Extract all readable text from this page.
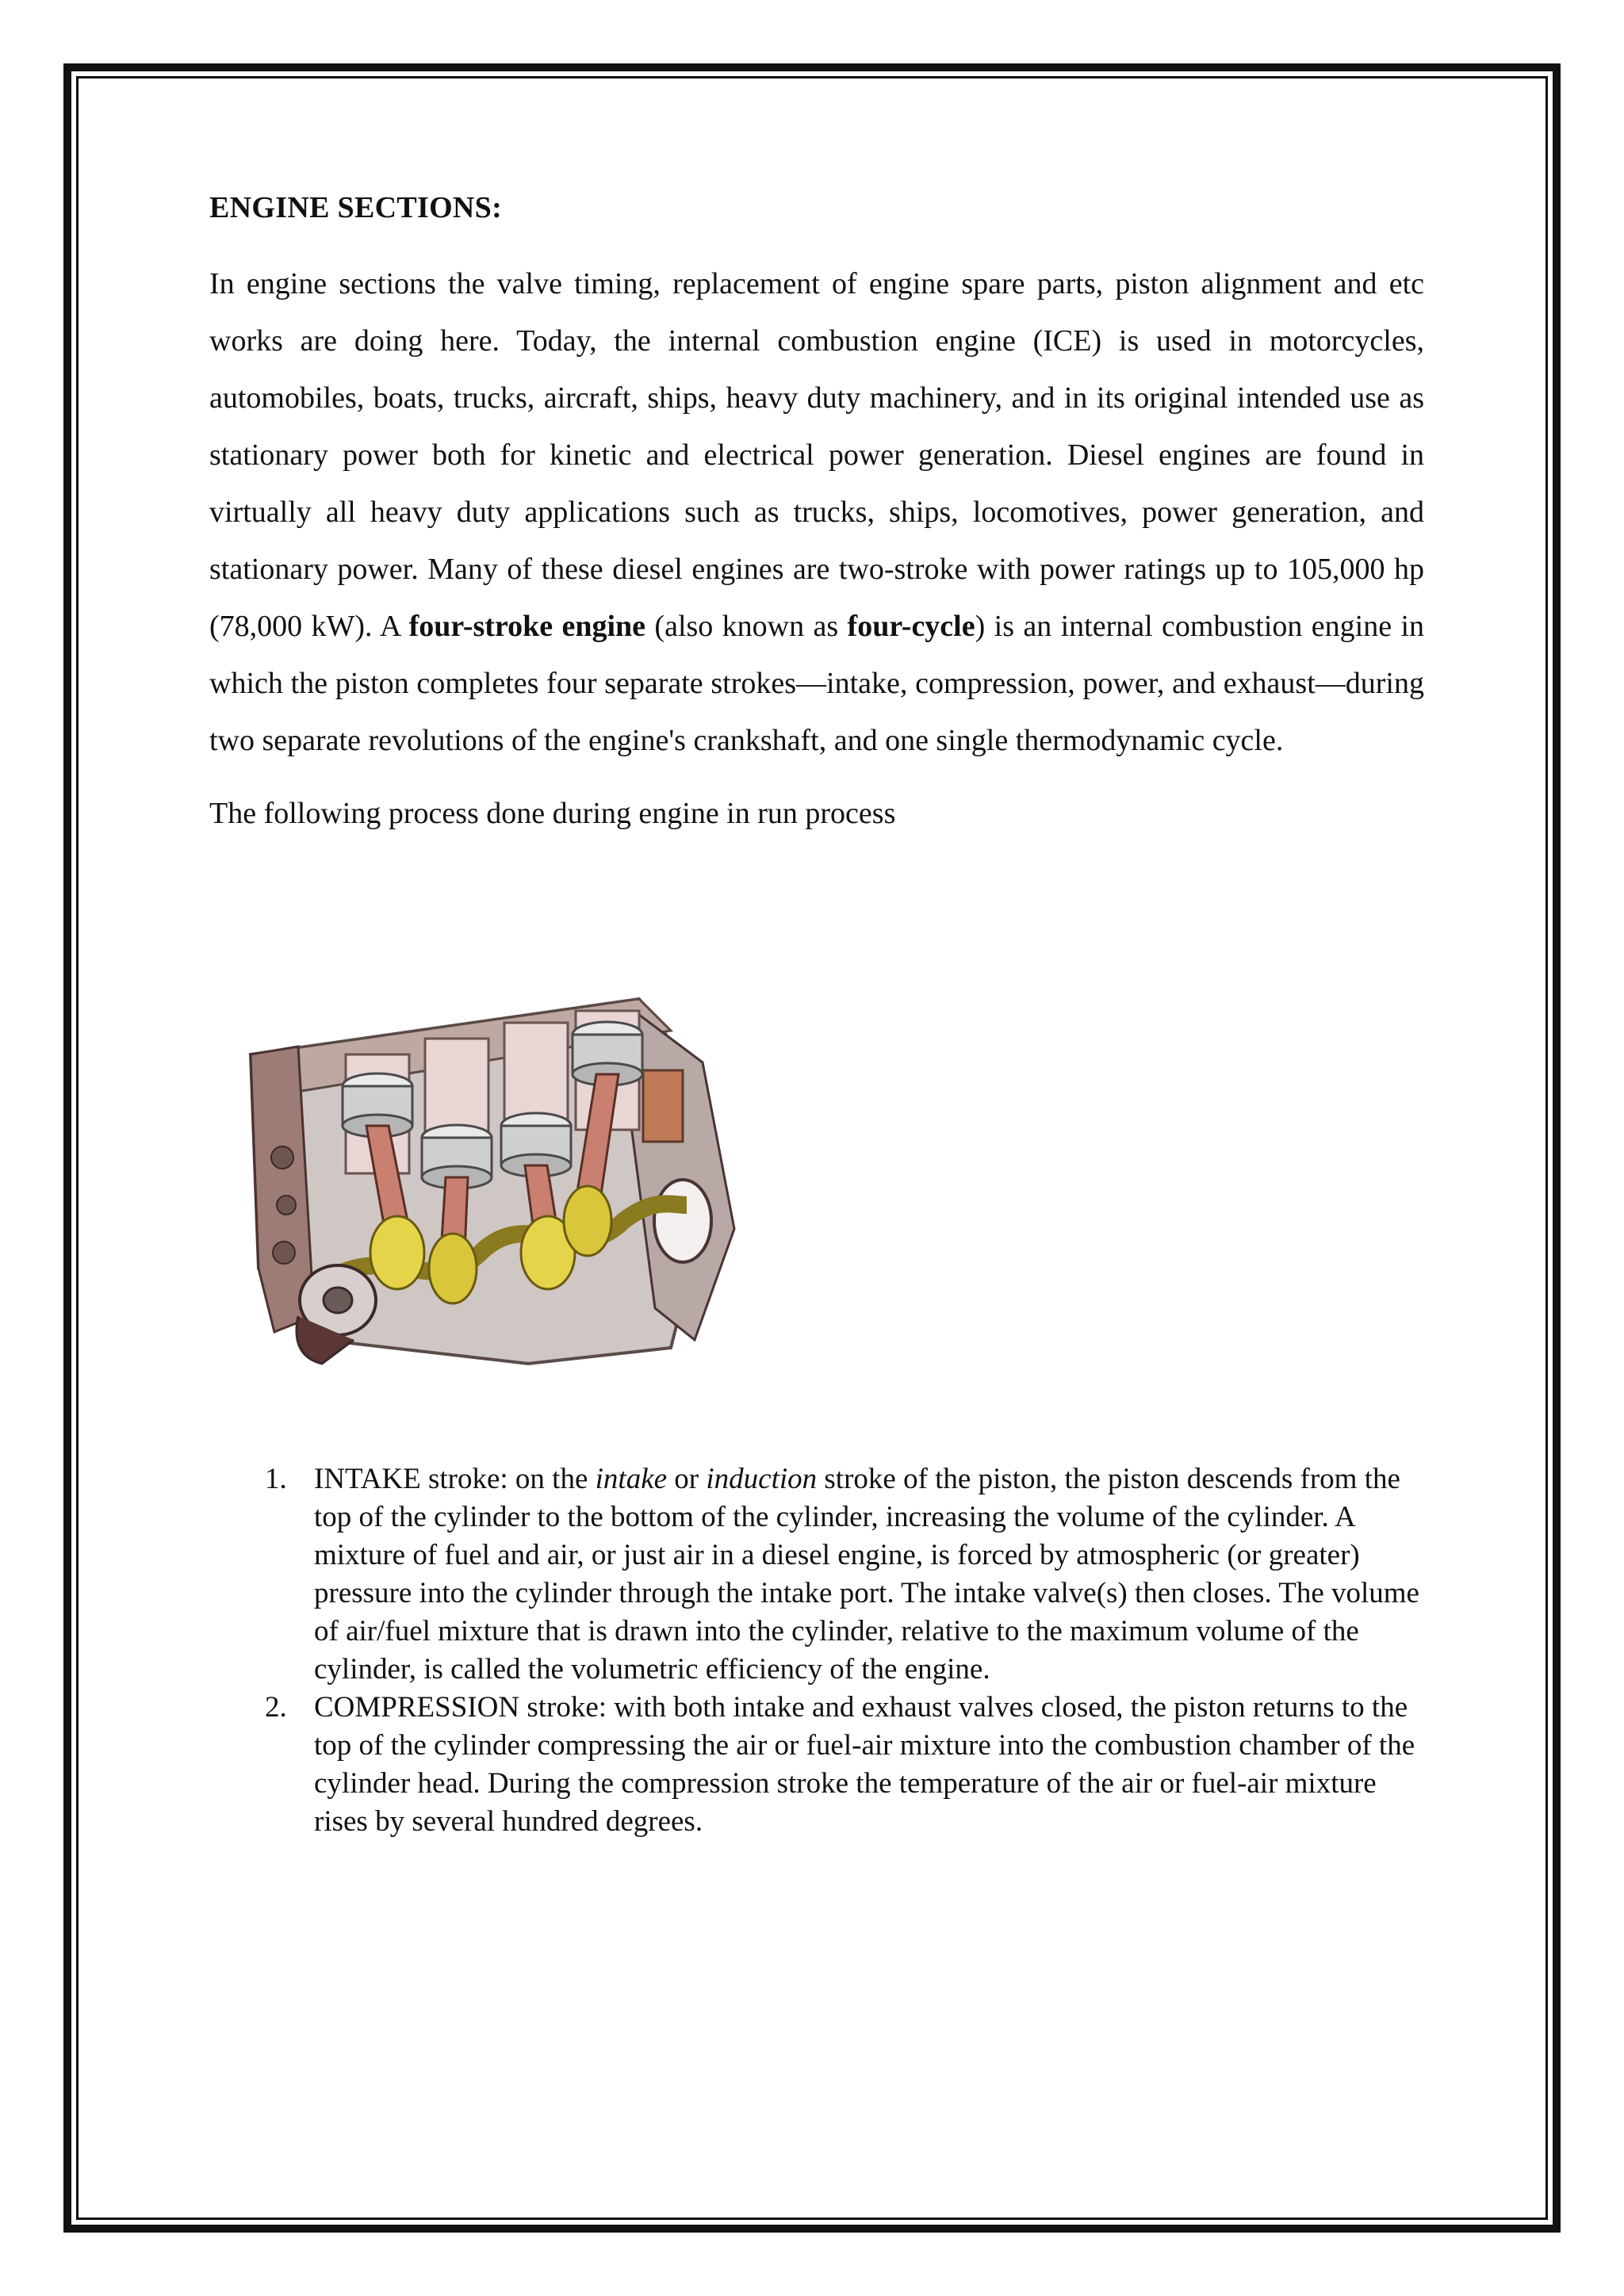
ENGINE SECTIONS:

In engine sections the valve timing, replacement of engine spare parts, piston alignment and etc works are doing here. Today, the internal combustion engine (ICE) is used in motorcycles, automobiles, boats, trucks, aircraft, ships, heavy duty machinery, and in its original intended use as stationary power both for kinetic and electrical power generation. Diesel engines are found in virtually all heavy duty applications such as trucks, ships, locomotives, power generation, and stationary power. Many of these diesel engines are two-stroke with power ratings up to 105,000 hp (78,000 kW). A four-stroke engine (also known as four-cycle) is an internal combustion engine in which the piston completes four separate strokes—intake, compression, power, and exhaust—during two separate revolutions of the engine's crankshaft, and one single thermodynamic cycle.

The following process done during engine in run process

1. INTAKE stroke: on the intake or induction stroke of the piston, the piston descends from the top of the cylinder to the bottom of the cylinder, increasing the volume of the cylinder. A mixture of fuel and air, or just air in a diesel engine, is forced by atmospheric (or greater) pressure into the cylinder through the intake port. The intake valve(s) then closes. The volume of air/fuel mixture that is drawn into the cylinder, relative to the maximum volume of the cylinder, is called the volumetric efficiency of the engine.
2. COMPRESSION stroke: with both intake and exhaust valves closed, the piston returns to the top of the cylinder compressing the air or fuel-air mixture into the combustion chamber of the cylinder head. During the compression stroke the temperature of the air or fuel-air mixture rises by several hundred degrees.
